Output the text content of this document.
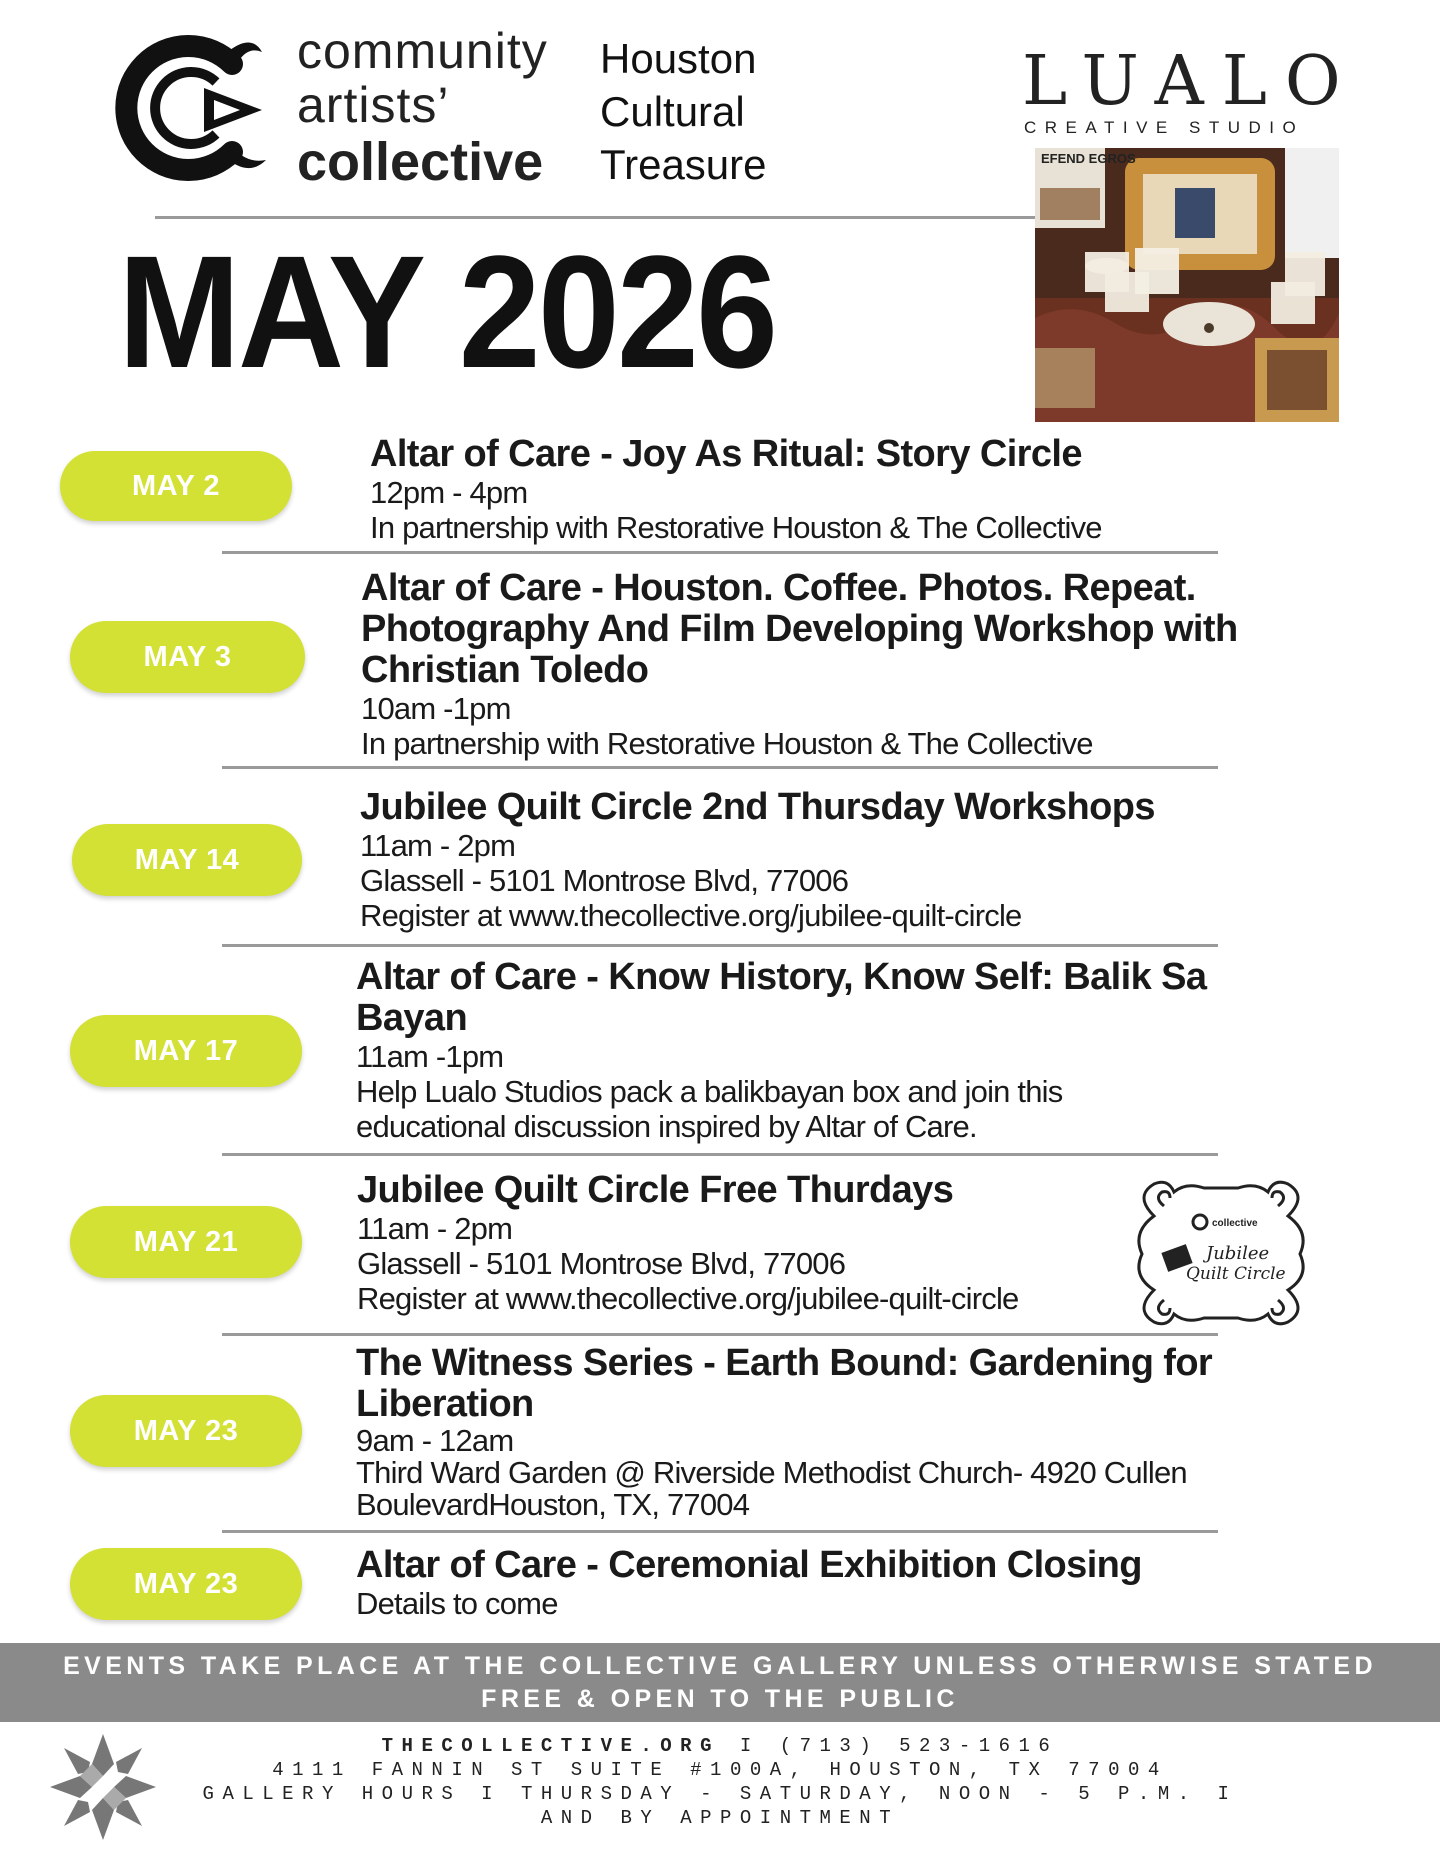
community
artists’
collective
Houston
Cultural
Treasure
LUALO
CREATIVE STUDIO
EFEND EGROS
MAY 2026
MAY 2
Altar of Care - Joy As Ritual: Story Circle
12pm - 4pm
In partnership with Restorative Houston & The Collective
MAY 3
Altar of Care - Houston. Coffee. Photos. Repeat.
Photography And Film Developing Workshop with
Christian Toledo
10am -1pm
In partnership with Restorative Houston & The Collective
MAY 14
Jubilee Quilt Circle 2nd Thursday Workshops
11am - 2pm
Glassell - 5101 Montrose Blvd, 77006
Register at www.thecollective.org/jubilee-quilt-circle
MAY 17
Altar of Care - Know History, Know Self: Balik Sa
Bayan
11am -1pm
Help Lualo Studios pack a balikbayan box and join this
educational discussion inspired by Altar of Care.
MAY 21
Jubilee Quilt Circle Free Thurdays
11am - 2pm
Glassell - 5101 Montrose Blvd, 77006
Register at www.thecollective.org/jubilee-quilt-circle
collective
Jubilee
Quilt Circle
MAY 23
The Witness Series - Earth Bound: Gardening for
Liberation
9am - 12am
Third Ward Garden @ Riverside Methodist Church- 4920 Cullen
BoulevardHouston, TX, 77004
MAY 23	Altar of Care - Ceremonial Exhibition Closing
Details to come
EVENTS TAKE PLACE AT THE COLLECTIVE GALLERY UNLESS OTHERWISE STATED
FREE & OPEN TO THE PUBLIC
THECOLLECTIVE.ORG I (713) 523-1616
4111 FANNIN ST SUITE #100A, HOUSTON, TX 77004
GALLERY HOURS I THURSDAY - SATURDAY, NOON - 5 P.M. I
AND BY APPOINTMENT
